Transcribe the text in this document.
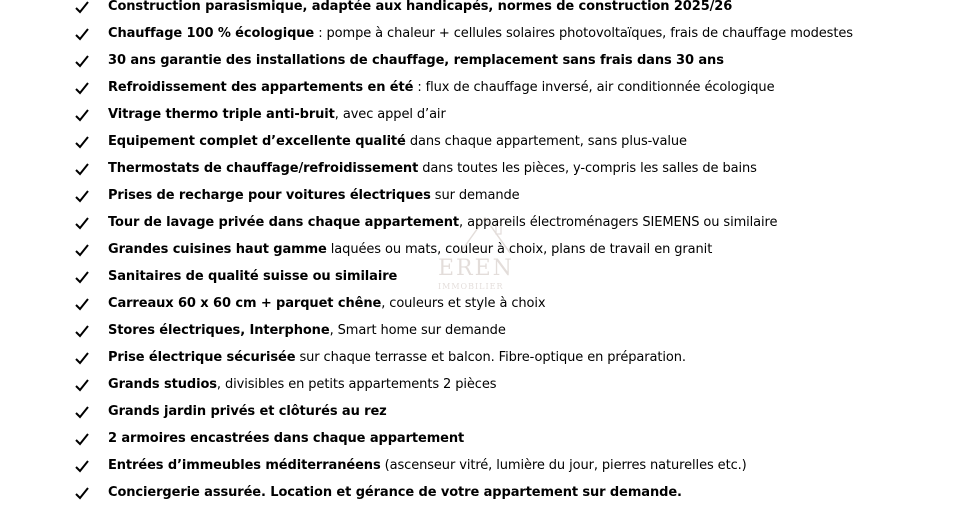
Construction parasismique, adaptée aux handicapés, normes de construction 2025/26
Chauffage 100 % écologique : pompe à chaleur + cellules solaires photovoltaïques, frais de chauffage modestes
30 ans garantie des installations de chauffage, remplacement sans frais dans 30 ans
Refroidissement des appartements en été : flux de chauffage inversé, air conditionnée écologique
Vitrage thermo triple anti-bruit, avec appel d’air
Equipement complet d’excellente qualité dans chaque appartement, sans plus-value
Thermostats de chauffage/refroidissement dans toutes les pièces, y-compris les salles de bains
Prises de recharge pour voitures électriques sur demande
Tour de lavage privée dans chaque appartement, appareils électroménagers SIEMENS ou similaire
Grandes cuisines haut gamme laquées ou mats, couleur à choix, plans de travail en granit
Sanitaires de qualité suisse ou similaire
Carreaux 60 x 60 cm + parquet chêne, couleurs et style à choix
Stores électriques, Interphone, Smart home sur demande
Prise électrique sécurisée sur chaque terrasse et balcon. Fibre-optique en préparation.
Grands studios, divisibles en petits appartements 2 pièces
Grands jardin privés et clôturés au rez
2 armoires encastrées dans chaque appartement
Entrées d’immeubles méditerranéens (ascenseur vitré, lumière du jour, pierres naturelles etc.)
Conciergerie assurée. Location et gérance de votre appartement sur demande.
EREN
IMMOBILIER
